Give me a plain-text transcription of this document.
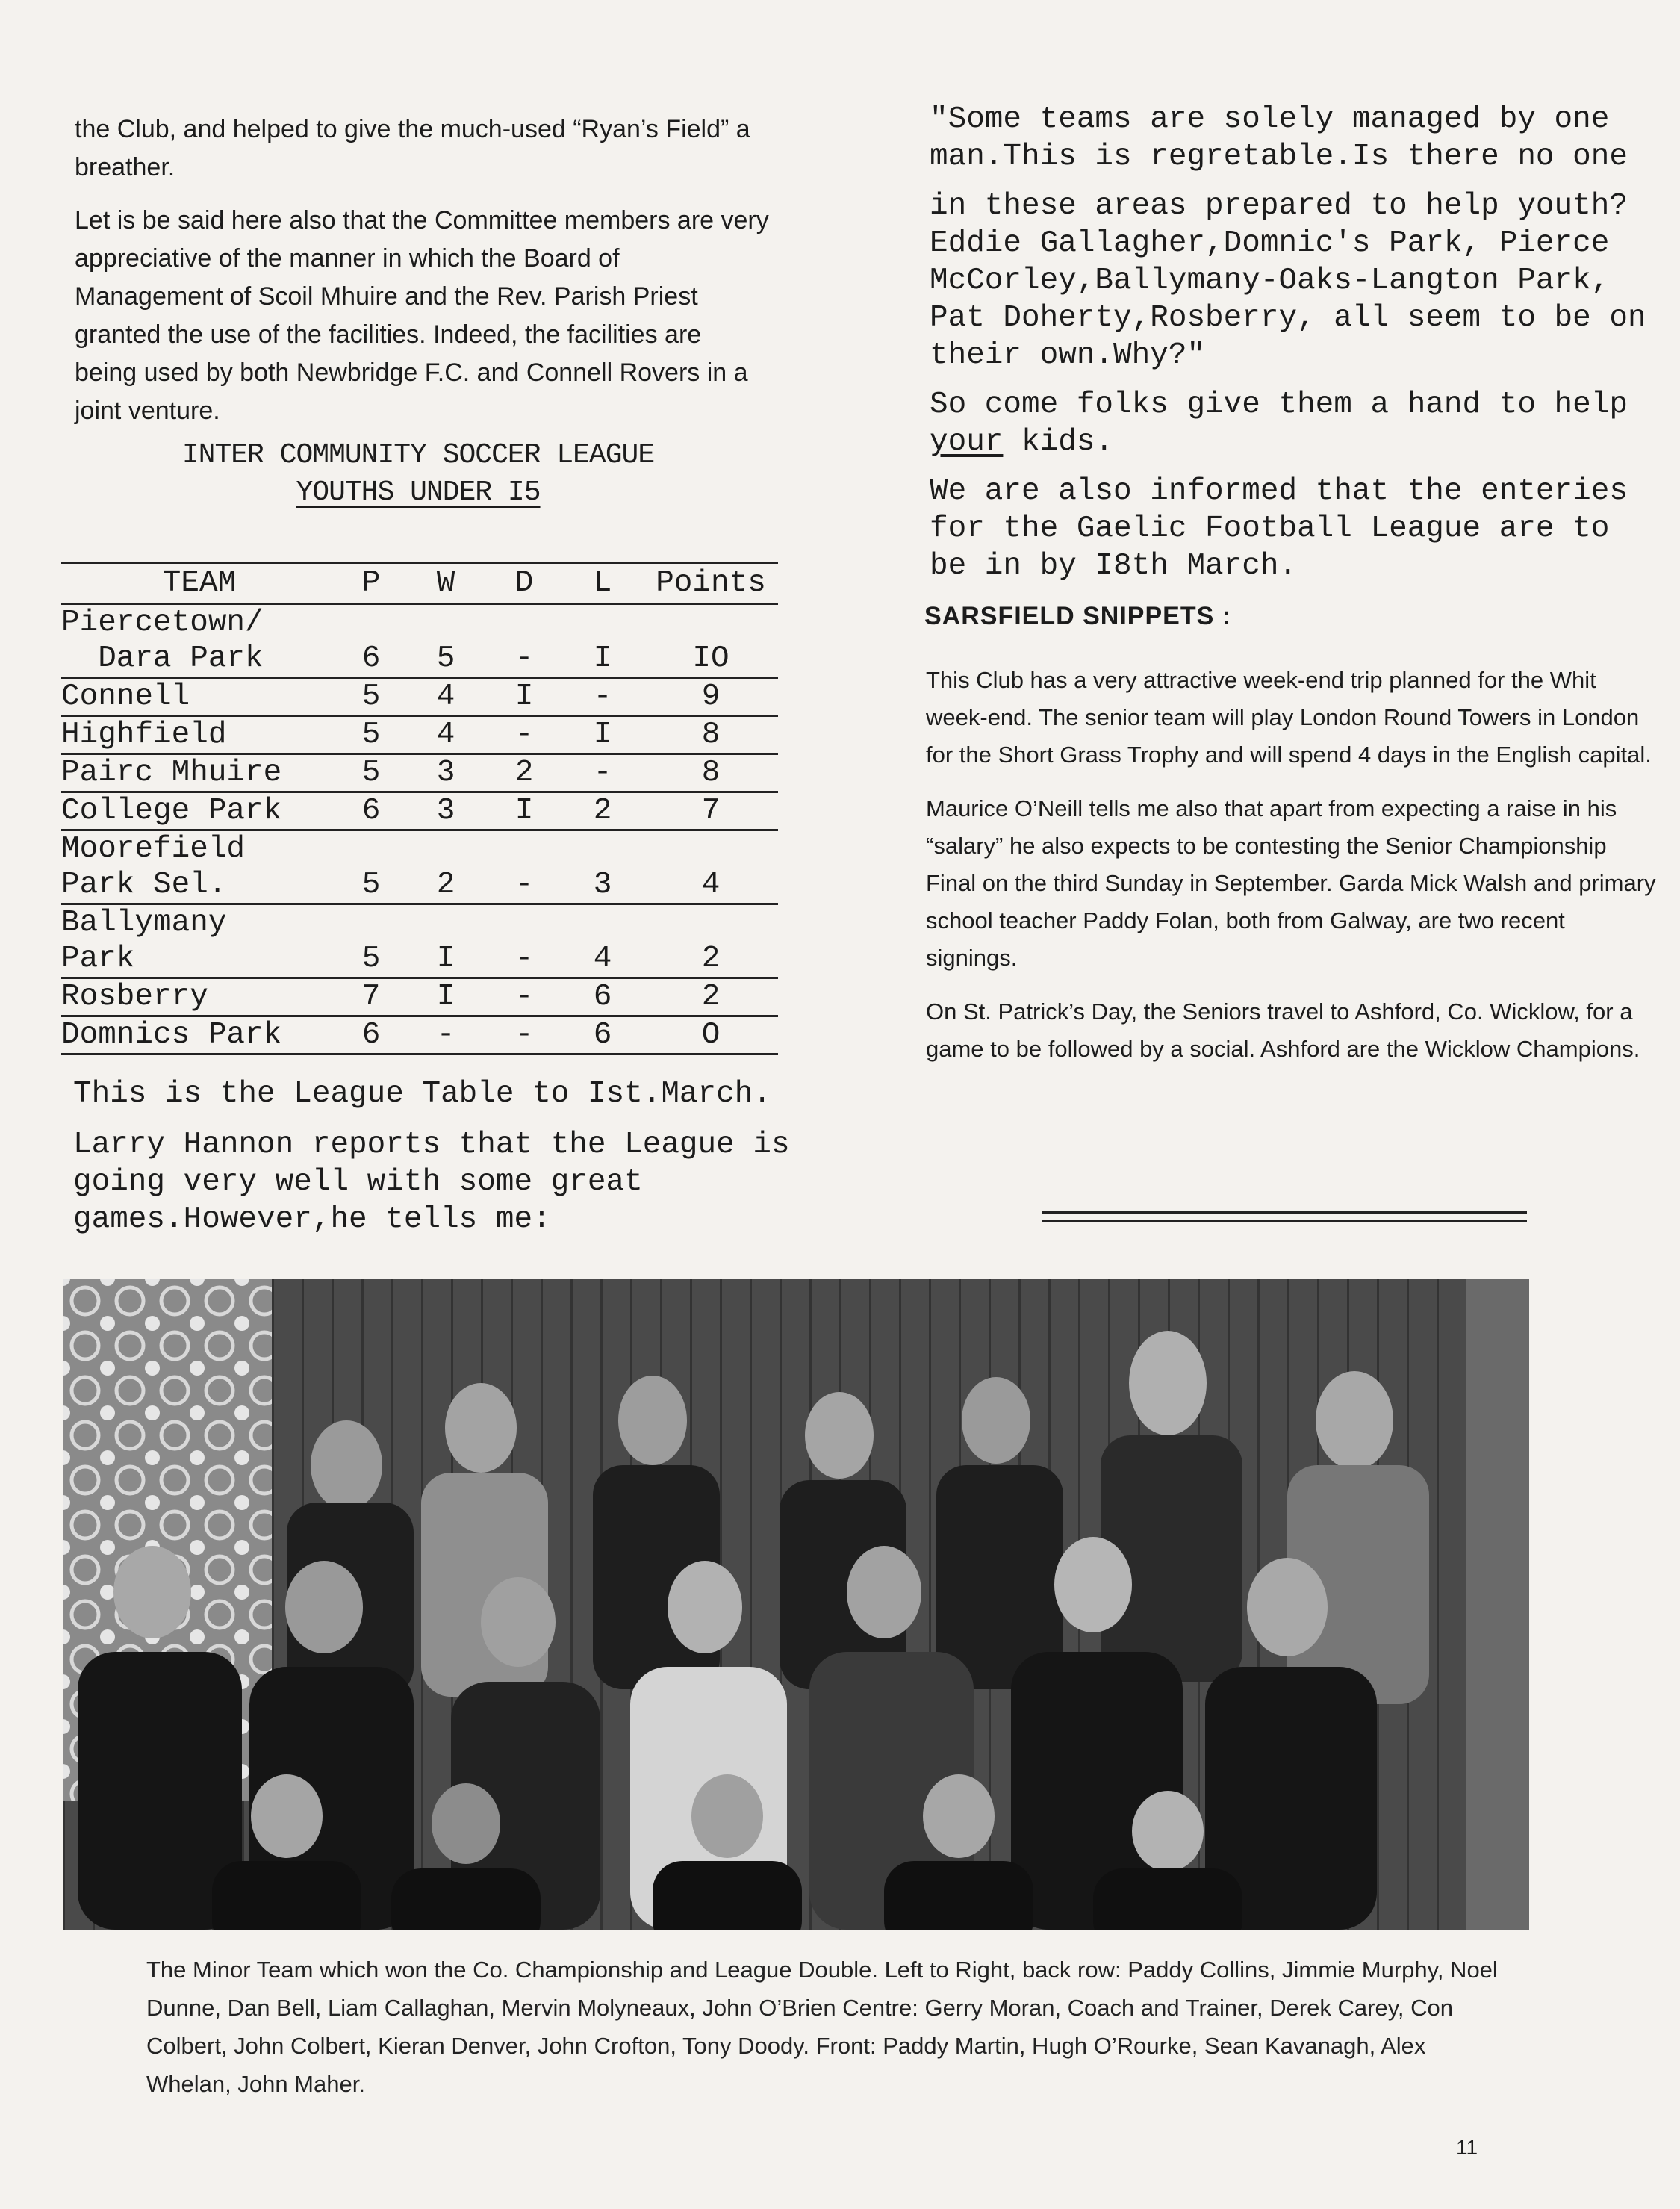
the Club, and helped to give the much-used “Ryan’s Field” a breather.

Let is be said here also that the Committee members are very appreciative of the manner in which the Board of Management of Scoil Mhuire and the Rev. Parish Priest granted the use of the facilities. Indeed, the facilities are being used by both Newbridge F.C. and Connell Rovers in a joint venture.

INTER COMMUNITY SOCCER LEAGUE
YOUTHS UNDER I5
TEAM	P	W	D	L	Points
Piercetown/					
Dara Park	6	5	-	I	IO
Connell	5	4	I	-	9
Highfield	5	4	-	I	8
Pairc Mhuire	5	3	2	-	8
College Park	6	3	I	2	7
Moorefield					
Park Sel.	5	2	-	3	4
Ballymany					
Park	5	I	-	4	2
Rosberry	7	I	-	6	2
Domnics Park	6	-	-	6	O

This is the League Table to Ist.March.

Larry Hannon reports that the League is going very well with some great games.However,he tells me:

"Some teams are solely managed by one man.This is regretable.Is there no one

in these areas prepared to help youth? Eddie Gallagher,Domnic's Park, Pierce McCorley,Ballymany-Oaks-Langton Park, Pat Doherty,Rosberry, all seem to be on their own.Why?"

So come folks give them a hand to help your kids.

We are also informed that the enteries for the Gaelic Football League are to be in by I8th March.

SARSFIELD SNIPPETS :

This Club has a very attractive week-end trip planned for the Whit week-end. The senior team will play London Round Towers in London for the Short Grass Trophy and will spend 4 days in the English capital.

Maurice O’Neill tells me also that apart from expecting a raise in his “salary” he also expects to be contesting the Senior Championship Final on the third Sunday in September. Garda Mick Walsh and primary school teacher Paddy Folan, both from Galway, are two recent signings.

On St. Patrick’s Day, the Seniors travel to Ashford, Co. Wicklow, for a game to be followed by a social. Ashford are the Wicklow Champions.

The Minor Team which won the Co. Championship and League Double. Left to Right, back row: Paddy Collins, Jimmie Murphy, Noel Dunne, Dan Bell, Liam Callaghan, Mervin Molyneaux, John O’Brien Centre: Gerry Moran, Coach and Trainer, Derek Carey, Con Colbert, John Colbert, Kieran Denver, John Crofton, Tony Doody. Front: Paddy Martin, Hugh O’Rourke, Sean Kavanagh, Alex Whelan, John Maher.
11
